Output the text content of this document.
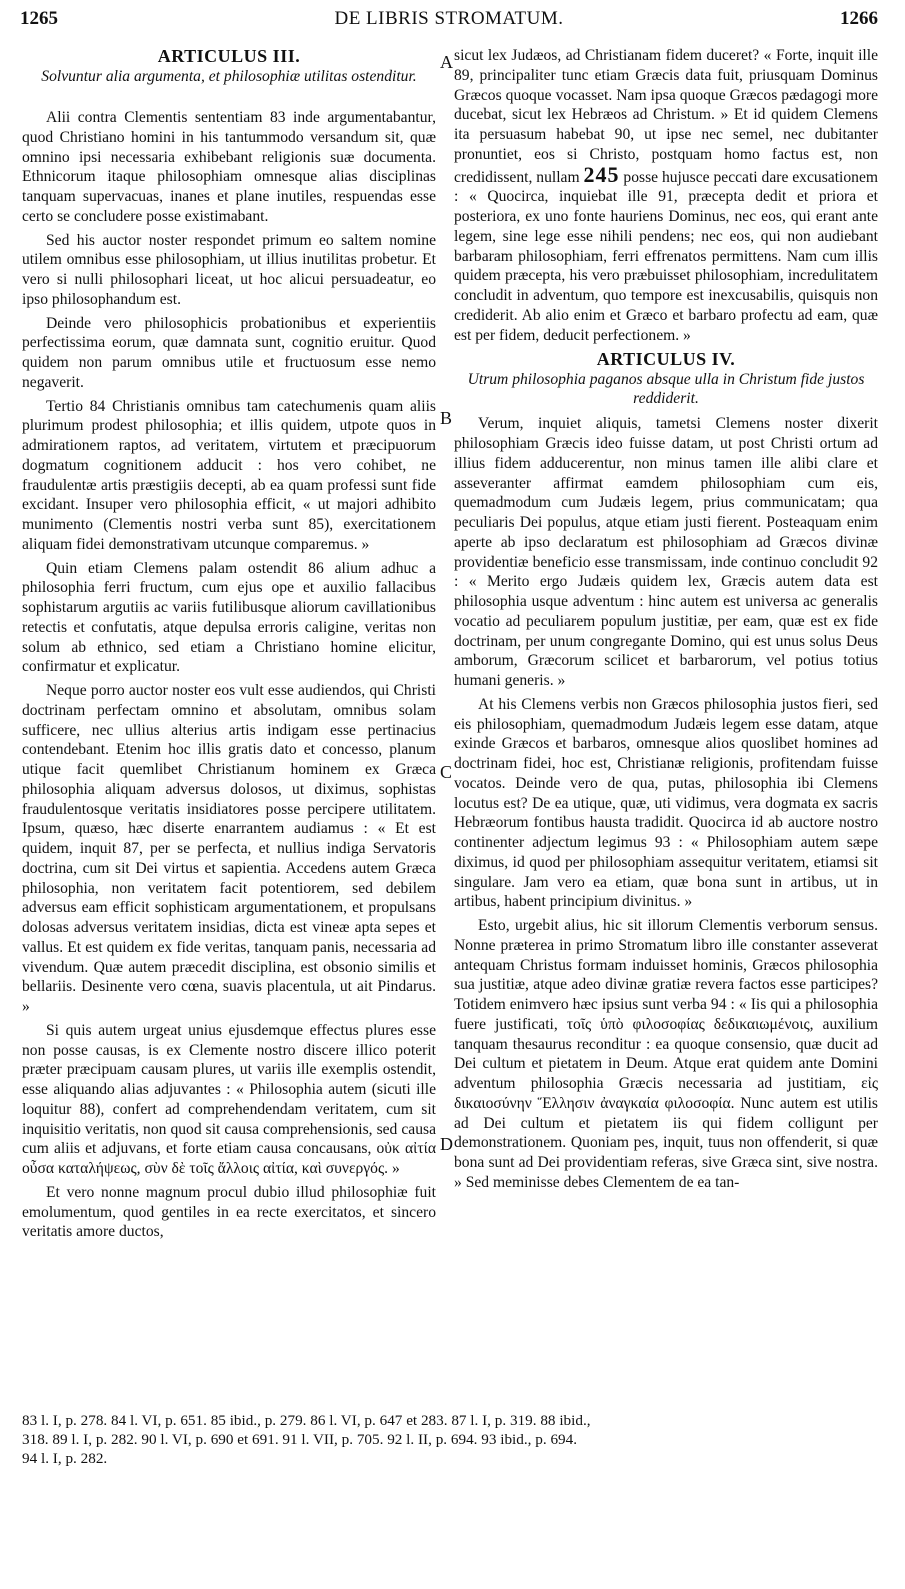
1265	DE LIBRIS STROMATUM.	1266
A
B
C
D
ARTICULUS III.
Solvuntur alia argumenta, et philosophiæ utilitas ostenditur.

Alii contra Clementis sententiam 83 inde argumentabantur, quod Christiano homini in his tantummodo versandum sit, quæ omnino ipsi necessaria exhibebant religionis suæ documenta. Ethnicorum itaque philosophiam omnesque alias disciplinas tanquam supervacuas, inanes et plane inutiles, respuendas esse certo se concludere posse existimabant.

Sed his auctor noster respondet primum eo saltem nomine utilem omnibus esse philosophiam, ut illius inutilitas probetur. Et vero si nulli philosophari liceat, ut hoc alicui persuadeatur, eo ipso philosophandum est.

Deinde vero philosophicis probationibus et experientiis perfectissima eorum, quæ damnata sunt, cognitio eruitur. Quod quidem non parum omnibus utile et fructuosum esse nemo negaverit.

Tertio 84 Christianis omnibus tam catechumenis quam aliis plurimum prodest philosophia; et illis quidem, utpote quos in admirationem raptos, ad veritatem, virtutem et præcipuorum dogmatum cognitionem adducit : hos vero cohibet, ne fraudulentæ artis præstigiis decepti, ab ea quam professi sunt fide excidant. Insuper vero philosophia efficit, « ut majori adhibito munimento (Clementis nostri verba sunt 85), exercitationem aliquam fidei demonstrativam utcunque comparemus. »

Quin etiam Clemens palam ostendit 86 alium adhuc a philosophia ferri fructum, cum ejus ope et auxilio fallacibus sophistarum argutiis ac variis futilibusque aliorum cavillationibus retectis et confutatis, atque depulsa erroris caligine, veritas non solum ab ethnico, sed etiam a Christiano homine elicitur, confirmatur et explicatur.

Neque porro auctor noster eos vult esse audiendos, qui Christi doctrinam perfectam omnino et absolutam, omnibus solam sufficere, nec ullius alterius artis indigam esse pertinacius contendebant. Etenim hoc illis gratis dato et concesso, planum utique facit quemlibet Christianum hominem ex Græca philosophia aliquam adversus dolosos, ut diximus, sophistas fraudulentosque veritatis insidiatores posse percipere utilitatem. Ipsum, quæso, hæc diserte enarrantem audiamus : « Et est quidem, inquit 87, per se perfecta, et nullius indiga Servatoris doctrina, cum sit Dei virtus et sapientia. Accedens autem Græca philosophia, non veritatem facit potentiorem, sed debilem adversus eam efficit sophisticam argumentationem, et propulsans dolosas adversus veritatem insidias, dicta est vineæ apta sepes et vallus. Et est quidem ex fide veritas, tanquam panis, necessaria ad vivendum. Quæ autem præcedit disciplina, est obsonio similis et bellariis. Desinente vero cœna, suavis placentula, ut ait Pindarus. »

Si quis autem urgeat unius ejusdemque effectus plures esse non posse causas, is ex Clemente nostro discere illico poterit præter præcipuam causam plures, ut variis ille exemplis ostendit, esse aliquando alias adjuvantes : « Philosophia autem (sicuti ille loquitur 88), confert ad comprehendendam veritatem, cum sit inquisitio veritatis, non quod sit causa comprehensionis, sed causa cum aliis et adjuvans, et forte etiam causa concausans, οὐκ αἰτία οὖσα καταλήψεως, σὺν δὲ τοῖς ἄλλοις αἰτία, καὶ συνεργός. »

Et vero nonne magnum procul dubio illud philosophiæ fuit emolumentum, quod gentiles in ea recte exercitatos, et sincero veritatis amore ductos,

sicut lex Judæos, ad Christianam fidem duceret? « Forte, inquit ille 89, principaliter tunc etiam Græcis data fuit, priusquam Dominus Græcos quoque vocasset. Nam ipsa quoque Græcos pædagogi more ducebat, sicut lex Hebræos ad Christum. » Et id quidem Clemens ita persuasum habebat 90, ut ipse nec semel, nec dubitanter pronuntiet, eos si Christo, postquam homo factus est, non credidissent, nullam 245 posse hujusce peccati dare excusationem : « Quocirca, inquiebat ille 91, præcepta dedit et priora et posteriora, ex uno fonte hauriens Dominus, nec eos, qui erant ante legem, sine lege esse nihili pendens; nec eos, qui non audiebant barbaram philosophiam, ferri effrenatos permittens. Nam cum illis quidem præcepta, his vero præbuisset philosophiam, incredulitatem concludit in adventum, quo tempore est inexcusabilis, quisquis non crediderit. Ab alio enim et Græco et barbaro profectu ad eam, quæ est per fidem, deducit perfectionem. »

ARTICULUS IV.
Utrum philosophia paganos absque ulla in Christum fide justos reddiderit.

Verum, inquiet aliquis, tametsi Clemens noster dixerit philosophiam Græcis ideo fuisse datam, ut post Christi ortum ad illius fidem adducerentur, non minus tamen ille alibi clare et asseveranter affirmat eamdem philosophiam cum eis, quemadmodum cum Judæis legem, prius communicatam; qua peculiaris Dei populus, atque etiam justi fierent. Posteaquam enim aperte ab ipso declaratum est philosophiam ad Græcos divinæ providentiæ beneficio esse transmissam, inde continuo concludit 92 : « Merito ergo Judæis quidem lex, Græcis autem data est philosophia usque adventum : hinc autem est universa ac generalis vocatio ad peculiarem populum justitiæ, per eam, quæ est ex fide doctrinam, per unum congregante Domino, qui est unus solus Deus amborum, Græcorum scilicet et barbarorum, vel potius totius humani generis. »

At his Clemens verbis non Græcos philosophia justos fieri, sed eis philosophiam, quemadmodum Judæis legem esse datam, atque exinde Græcos et barbaros, omnesque alios quoslibet homines ad doctrinam fidei, hoc est, Christianæ religionis, profitendam fuisse vocatos. Deinde vero de qua, putas, philosophia ibi Clemens locutus est? De ea utique, quæ, uti vidimus, vera dogmata ex sacris Hebræorum fontibus hausta tradidit. Quocirca id ab auctore nostro continenter adjectum legimus 93 : « Philosophiam autem sæpe diximus, id quod per philosophiam assequitur veritatem, etiamsi sit singulare. Jam vero ea etiam, quæ bona sunt in artibus, ut in artibus, habent principium divinitus. »

Esto, urgebit alius, hic sit illorum Clementis verborum sensus. Nonne præterea in primo Stromatum libro ille constanter asseverat antequam Christus formam induisset hominis, Græcos philosophia sua justitiæ, atque adeo divinæ gratiæ revera factos esse participes? Totidem enimvero hæc ipsius sunt verba 94 : « Iis qui a philosophia fuere justificati, τοῖς ὑπὸ φιλοσοφίας δεδικαιωμένοις, auxilium tanquam thesaurus reconditur : ea quoque consensio, quæ ducit ad Dei cultum et pietatem in Deum. Atque erat quidem ante Domini adventum philosophia Græcis necessaria ad justitiam, εἰς δικαιοσύνην Ἕλλησιν ἀναγκαία φιλοσοφία. Nunc autem est utilis ad Dei cultum et pietatem iis qui fidem colligunt per demonstrationem. Quoniam pes, inquit, tuus non offenderit, si quæ bona sunt ad Dei providentiam referas, sive Græca sint, sive nostra. » Sed meminisse debes Clementem de ea tan-

83 l. I, p. 278. 84 l. VI, p. 651. 85 ibid., p. 279. 86 l. VI, p. 647 et 283. 87 l. I, p. 319. 88 ibid.,
318. 89 l. I, p. 282. 90 l. VI, p. 690 et 691. 91 l. VII, p. 705. 92 l. II, p. 694. 93 ibid., p. 694.
94 l. I, p. 282.
